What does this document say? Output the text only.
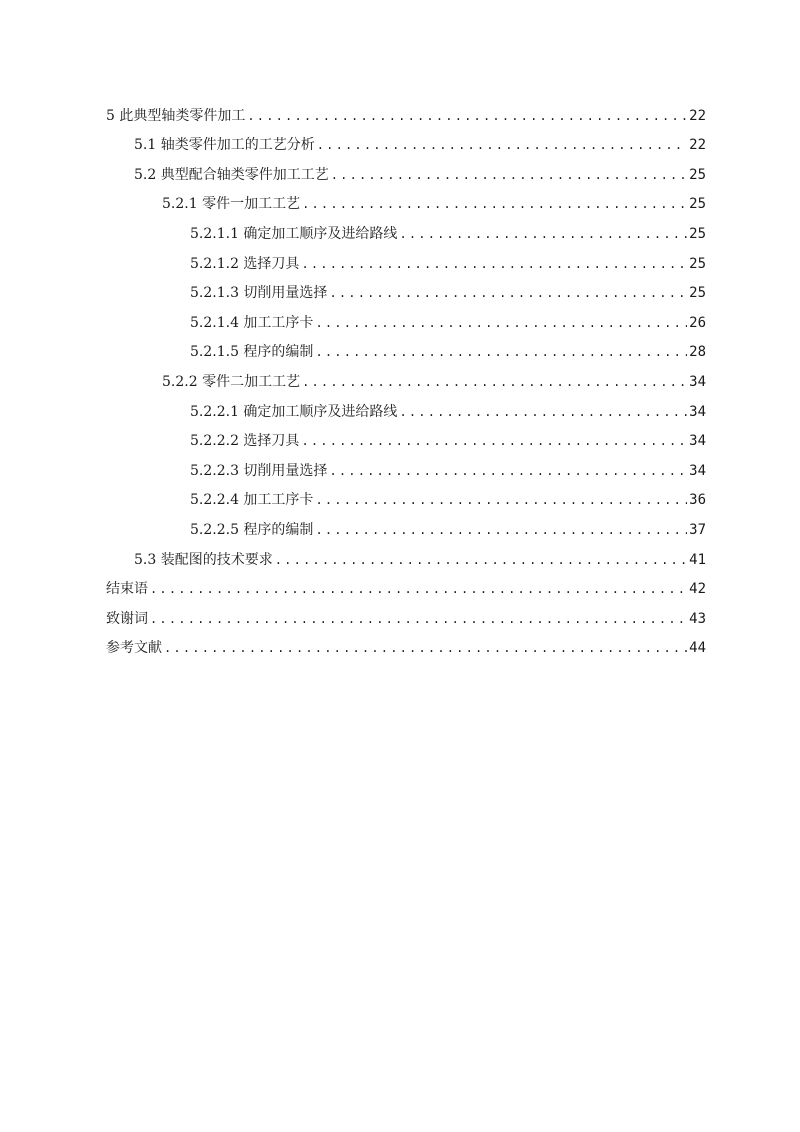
5 此典型轴类零件加工 .....	22
5.1 轴类零件加工的工艺分析 .....	22
5.2 典型配合轴类零件加工工艺 .....	25
5.2.1 零件一加工工艺 .....	25
5.2.1.1 确定加工顺序及进给路线 .....	25
5.2.1.2 选择刀具 .....	25
5.2.1.3 切削用量选择 .....	25
5.2.1.4 加工工序卡 .....	26
5.2.1.5 程序的编制 .....	28
5.2.2 零件二加工工艺 .....	34
5.2.2.1 确定加工顺序及进给路线 .....	34
5.2.2.2 选择刀具 .....	34
5.2.2.3 切削用量选择 .....	34
5.2.2.4 加工工序卡 .....	36
5.2.2.5 程序的编制 .....	37
5.3 装配图的技术要求 .....	41
结束语 .....	42
致谢词 .....	43
参考文献 .....	44
